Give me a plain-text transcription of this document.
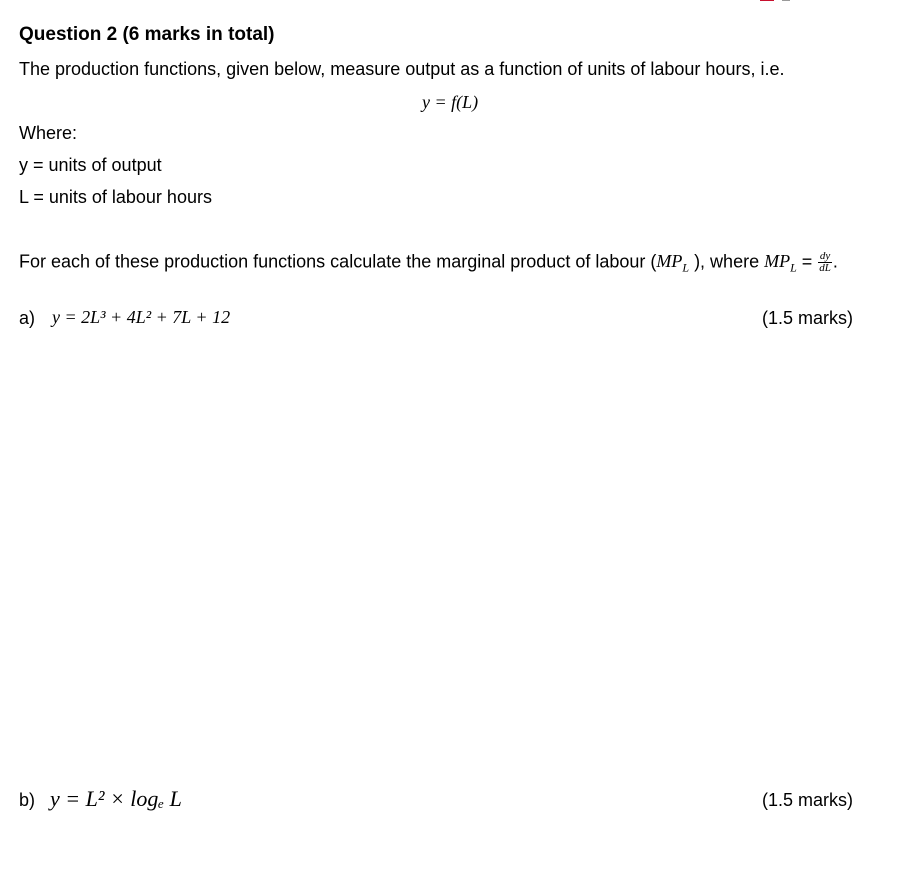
Question 2 (6 marks in total)
The production functions, given below, measure output as a function of units of labour hours, i.e.
y = f(L)
Where:
y = units of output
L = units of labour hours
For each of these production functions calculate the marginal product of labour ($MP_L$ ), where $MP_L = \frac{dy}{dL}$ .
a) y = 2L³ + 4L² + 7L + 12	(1.5 marks)
b) y = L² × logₑ L	(1.5 marks)
